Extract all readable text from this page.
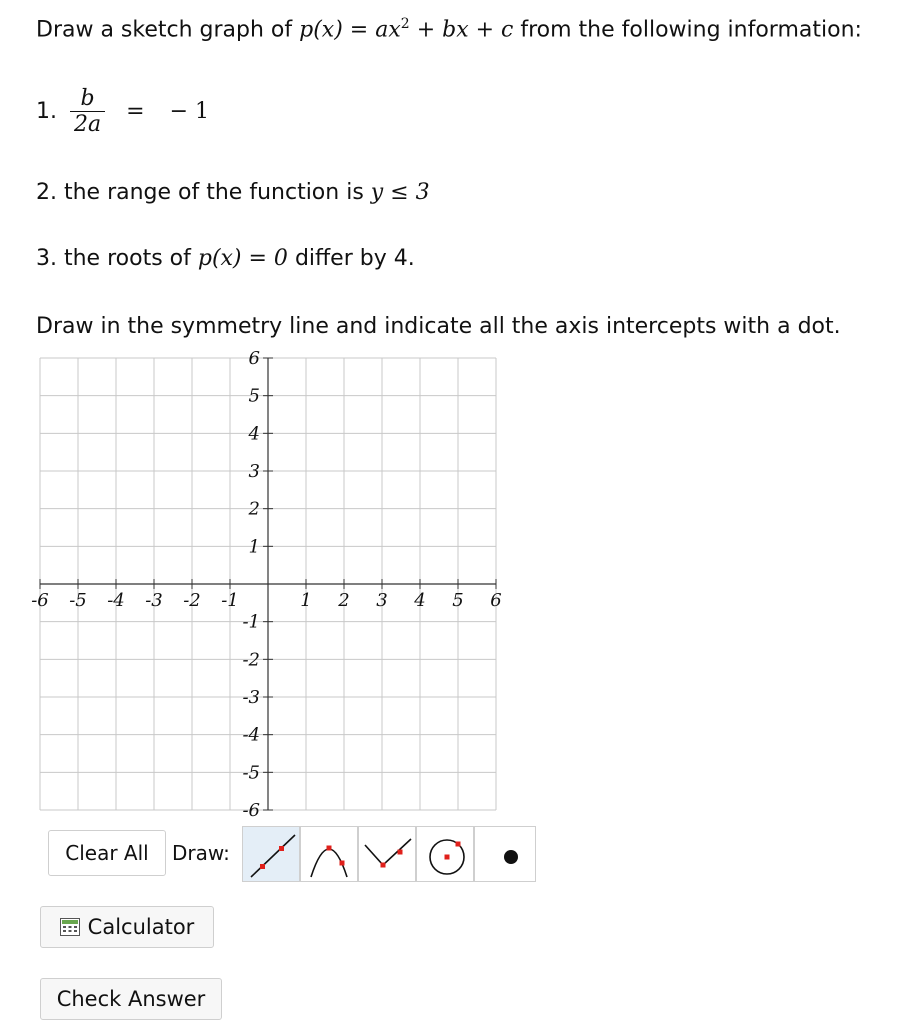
Draw a sketch graph of $p(x) = ax^2$ + bx + c from the following information:
1. $\frac{b}{2a}$ = − 1
2. the range of the function is y ≤ 3
3. the roots of p(x) = 0 differ by 4.
Draw in the symmetry line and indicate all the axis intercepts with a dot.
-6 -5 -4 -3 -2 -1	1 2 3 4 5 6
6
5
4
3
2
1
-1
-2
-3
-4
-5
-6
Clear All	Draw:
Calculator
Check Answer
